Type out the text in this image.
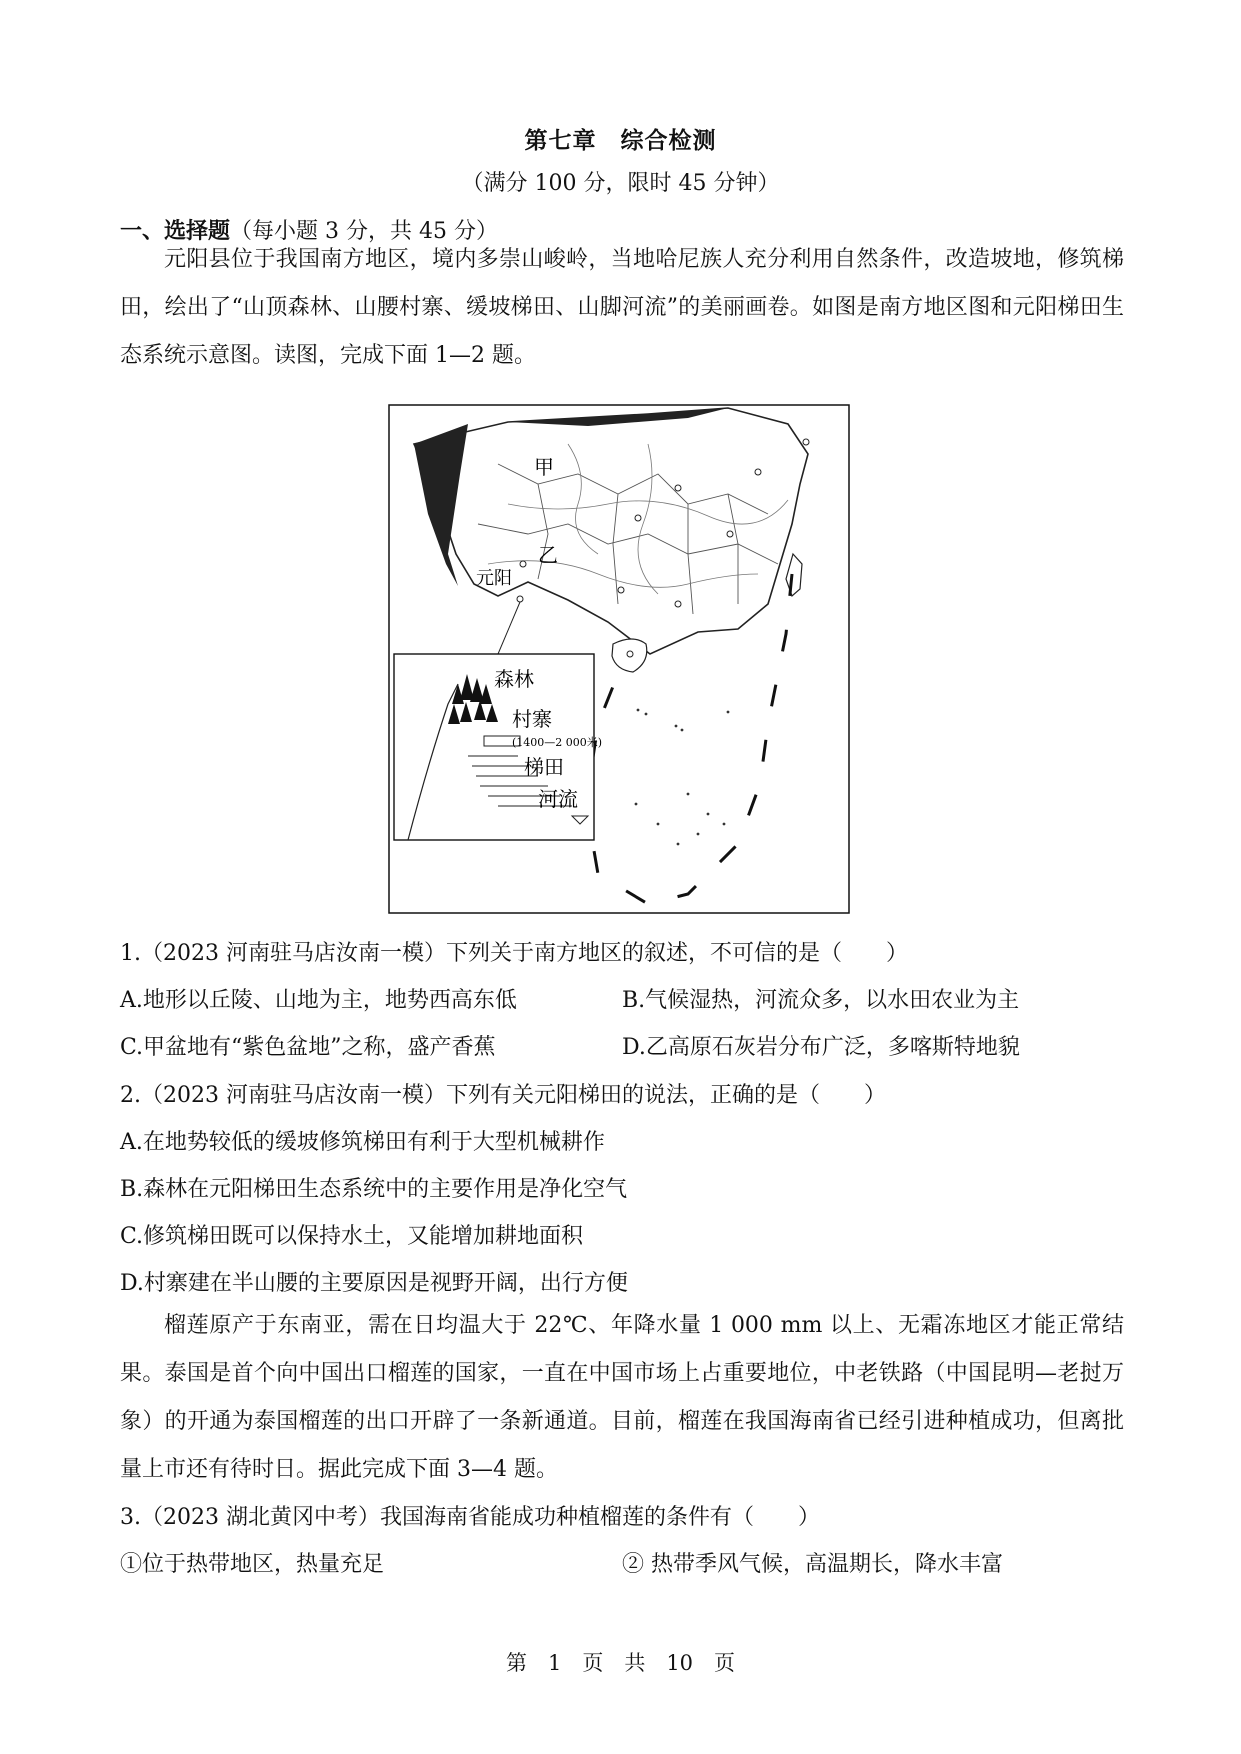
第七章　综合检测
（满分 100 分，限时 45 分钟）
一、选择题（每小题 3 分，共 45 分）
元阳县位于我国南方地区，境内多崇山峻岭，当地哈尼族人充分利用自然条件，改造坡地，修筑梯田，绘出了“山顶森林、山腰村寨、缓坡梯田、山脚河流”的美丽画卷。如图是南方地区图和元阳梯田生态系统示意图。读图，完成下面 1—2 题。
甲
乙
元阳
森林
村寨
(1400—2 000米)
梯田
河流
1.（2023 河南驻马店汝南一模）下列关于南方地区的叙述，不可信的是（　　）
A.地形以丘陵、山地为主，地势西高东低	B.气候湿热，河流众多，以水田农业为主
C.甲盆地有“紫色盆地”之称，盛产香蕉	D.乙高原石灰岩分布广泛，多喀斯特地貌
2.（2023 河南驻马店汝南一模）下列有关元阳梯田的说法，正确的是（　　）
A.在地势较低的缓坡修筑梯田有利于大型机械耕作
B.森林在元阳梯田生态系统中的主要作用是净化空气
C.修筑梯田既可以保持水土，又能增加耕地面积
D.村寨建在半山腰的主要原因是视野开阔，出行方便
榴莲原产于东南亚，需在日均温大于 22℃、年降水量 1 000 mm 以上、无霜冻地区才能正常结果。泰国是首个向中国出口榴莲的国家，一直在中国市场上占重要地位，中老铁路（中国昆明—老挝万象）的开通为泰国榴莲的出口开辟了一条新通道。目前，榴莲在我国海南省已经引进种植成功，但离批量上市还有待时日。据此完成下面 3—4 题。
3.（2023 湖北黄冈中考）我国海南省能成功种植榴莲的条件有（　　）
①位于热带地区，热量充足	② 热带季风气候，高温期长，降水丰富
第　1　页　共　10　页
